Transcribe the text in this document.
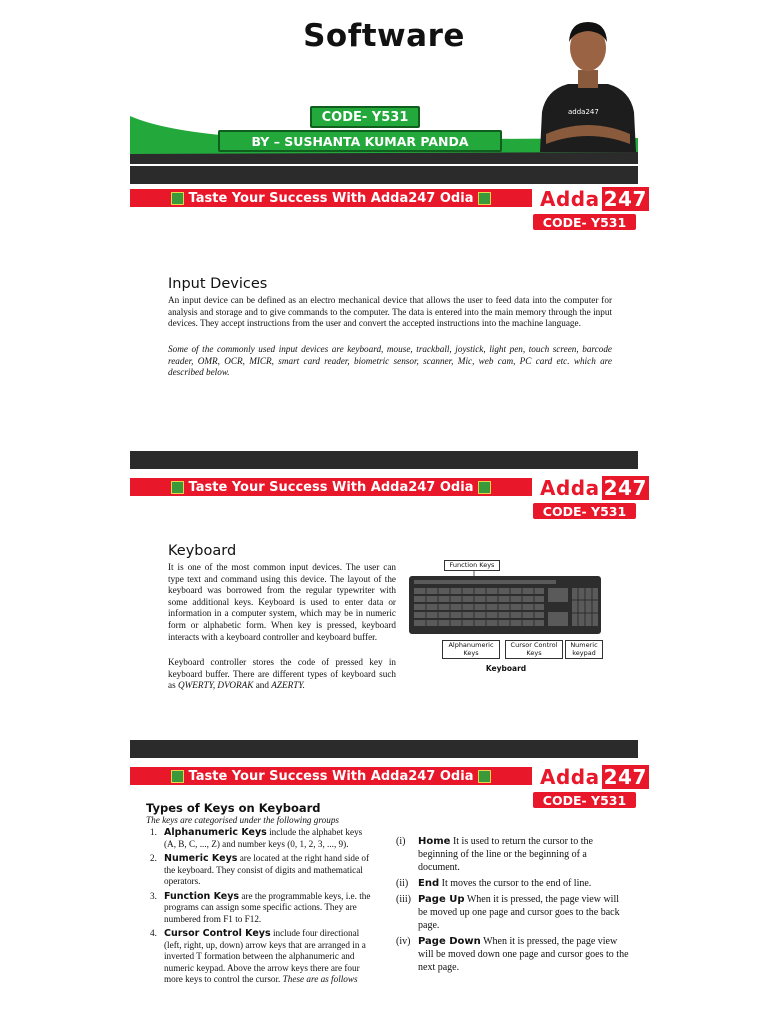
Software
CODE- Y531
BY – SUSHANTA KUMAR PANDA
adda247
Taste Your Success With Adda247 Odia	Adda 247
CODE- Y531
Input Devices
An input device can be defined as an electro mechanical device that allows the user to feed data into the computer for analysis and storage and to give commands to the computer. The data is entered into the main memory through the input devices. They accept instructions from the user and convert the accepted instructions into the machine language.
Some of the commonly used input devices are keyboard, mouse, trackball, joystick, light pen, touch screen, barcode reader, OMR, OCR, MICR, smart card reader, biometric sensor, scanner, Mic, web cam, PC card etc. which are described below.
Taste Your Success With Adda247 Odia	Adda 247
CODE- Y531
Keyboard
It is one of the most common input devices. The user can type text and command using this device. The layout of the keyboard was borrowed from the regular typewriter with some additional keys. Keyboard is used to enter data or information in a computer system, which may be in numeric form or alphabetic form. When key is pressed, keyboard interacts with a keyboard controller and keyboard buffer.
Keyboard controller stores the code of pressed key in keyboard buffer. There are different types of keyboard such as QWERTY, DVORAK and AZERTY.
Function Keys
Alphanumeric Keys
Cursor Control Keys
Numeric keypad
Keyboard
Taste Your Success With Adda247 Odia	Adda 247
CODE- Y531
Types of Keys on Keyboard
The keys are categorised under the following groups
1. Alphanumeric Keys include the alphabet keys (A, B, C, ..., Z) and number keys (0, 1, 2, 3, ..., 9).
2. Numeric Keys are located at the right hand side of the keyboard. They consist of digits and mathematical operators.
3. Function Keys are the programmable keys, i.e. the programs can assign some specific actions. They are numbered from F1 to F12.
4. Cursor Control Keys include four directional (left, right, up, down) arrow keys that are arranged in a inverted T formation between the alphanumeric and numeric keypad. Above the arrow keys there are four more keys to control the cursor. These are as follows
(i)	Home It is used to return the cursor to the beginning of the line or the beginning of a document.
(ii) End It moves the cursor to the end of line.
(iii) Page Up When it is pressed, the page view will be moved up one page and cursor goes to the back page.
(iv) Page Down When it is pressed, the page view will be moved down one page and cursor goes to the next page.
